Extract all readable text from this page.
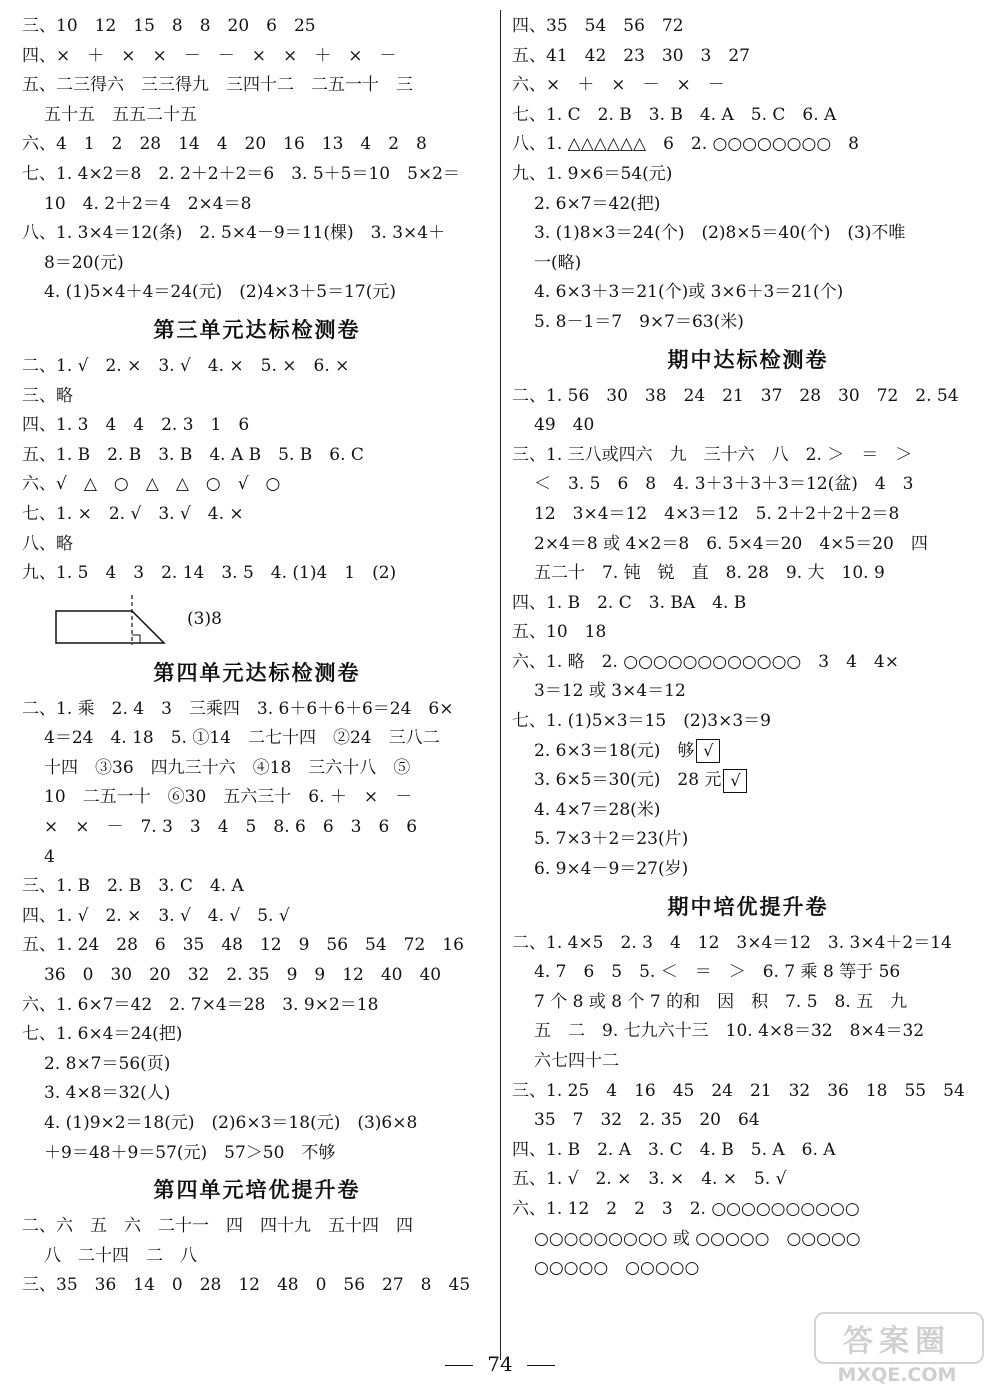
三、10　12　15　8　8　20　6　25
四、×　＋　×　×　－　－　×　×　＋　×　－
五、二三得六　三三得九　三四十二　二五一十　三
五十五　五五二十五
六、4　1　2　28　14　4　20　16　13　4　2　8
七、1. 4×2＝8　2. 2＋2＋2＝6　3. 5＋5＝10　5×2＝
10　4. 2＋2＝4　2×4＝8
八、1. 3×4＝12(条)　2. 5×4－9＝11(棵)　3. 3×4＋
8＝20(元)
4. (1)5×4＋4＝24(元)　(2)4×3＋5＝17(元)
第三单元达标检测卷
二、1. √　2. ×　3. √　4. ×　5. ×　6. ×
三、略
四、1. 3　4　4　2. 3　1　6
五、1. B　2. B　3. B　4. A B　5. B　6. C
六、√　△　○　△　△　○　√　○
七、1. ×　2. √　3. √　4. ×
八、略
九、1. 5　4　3　2. 14　3. 5　4. (1)4　1　(2)
(3)8
第四单元达标检测卷
二、1. 乘　2. 4　3　三乘四　3. 6＋6＋6＋6＝24　6×
4＝24　4. 18　5. ①14　二七十四　②24　三八二
十四　③36　四九三十六　④18　三六十八　⑤
10　二五一十　⑥30　五六三十　6. ＋　×　－
×　×　－　7. 3　3　4　5　8. 6　6　3　6　6
4
三、1. B　2. B　3. C　4. A
四、1. √　2. ×　3. √　4. √　5. √
五、1. 24　28　6　35　48　12　9　56　54　72　16
36　0　30　20　32　2. 35　9　9　12　40　40
六、1. 6×7＝42　2. 7×4＝28　3. 9×2＝18
七、1. 6×4＝24(把)
2. 8×7＝56(页)
3. 4×8＝32(人)
4. (1)9×2＝18(元)　(2)6×3＝18(元)　(3)6×8
＋9＝48＋9＝57(元)　57＞50　不够
第四单元培优提升卷
二、六　五　六　二十一　四　四十九　五十四　四
八　二十四　二　八
三、35　36　14　0　28　12　48　0　56　27　8　45
四、35　54　56　72
五、41　42　23　30　3　27
六、×　＋　×　－　×　－
七、1. C　2. B　3. B　4. A　5. C　6. A
八、1. △△△△△△　6　2. ○○○○○○○○　8
九、1. 9×6＝54(元)
2. 6×7＝42(把)
3. (1)8×3＝24(个)　(2)8×5＝40(个)　(3)不唯
一(略)
4. 6×3＋3＝21(个)或 3×6＋3＝21(个)
5. 8－1＝7　9×7＝63(米)
期中达标检测卷
二、1. 56　30　38　24　21　37　28　30　72　2. 54
49　40
三、1. 三八或四六　九　三十六　八　2. ＞　＝　＞
＜　3. 5　6　8　4. 3＋3＋3＋3＝12(盆)　4　3
12　3×4＝12　4×3＝12　5. 2＋2＋2＋2＝8
2×4＝8 或 4×2＝8　6. 5×4＝20　4×5＝20　四
五二十　7. 钝　锐　直　8. 28　9. 大　10. 9
四、1. B　2. C　3. BA　4. B
五、10　18
六、1. 略　2. ○○○○○○○○○○○○　3　4　4×
3＝12 或 3×4＝12
七、1. (1)5×3＝15　(2)3×3＝9
2. 6×3＝18(元)　够 √
3. 6×5＝30(元)　28 元 √
4. 4×7＝28(米)
5. 7×3＋2＝23(片)
6. 9×4－9＝27(岁)
期中培优提升卷
二、1. 4×5　2. 3　4　12　3×4＝12　3. 3×4＋2＝14
4. 7　6　5　5. ＜　＝　＞　6. 7 乘 8 等于 56
7 个 8 或 8 个 7 的和　因　积　7. 5　8. 五　九
五　二　9. 七九六十三　10. 4×8＝32　8×4＝32
六七四十二
三、1. 25　4　16　45　24　21　32　36　18　55　54
35　7　32　2. 35　20　64
四、1. B　2. A　3. C　4. B　5. A　6. A
五、1. √　2. ×　3. ×　4. ×　5. √
六、1. 12　2　2　3　2. ○○○○○○○○○○
○○○○○○○○○ 或 ○○○○○　○○○○○
○○○○○　○○○○○
74
答案圈
MXQE.COM
